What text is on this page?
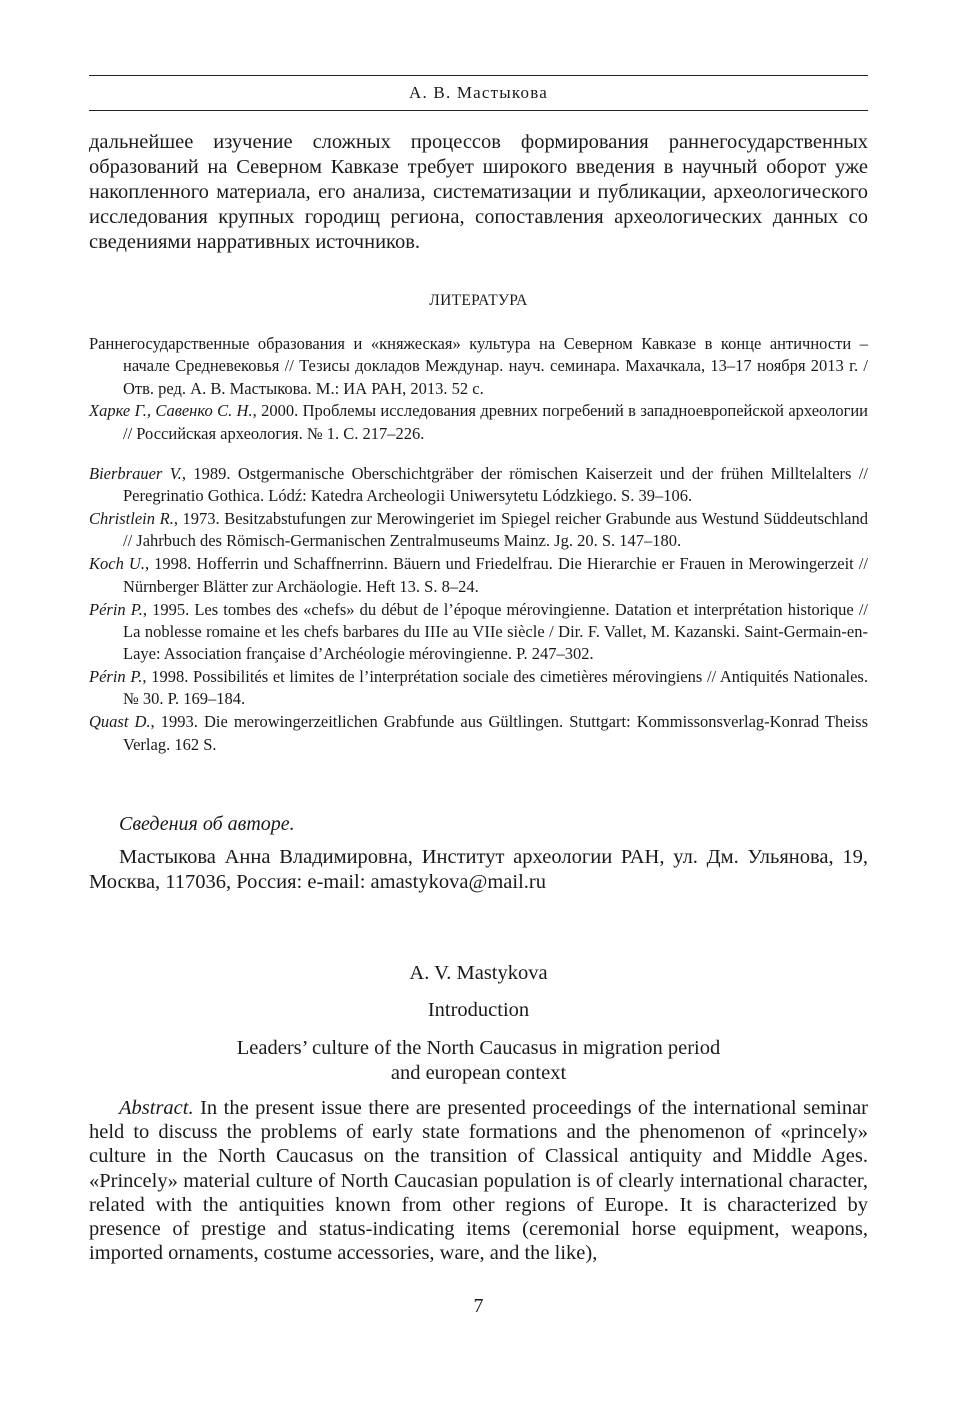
А. В. Мастыкова

дальнейшее изучение сложных процессов формирования раннегосударственных образований на Северном Кавказе требует широкого введения в научный оборот уже накопленного материала, его анализа, систематизации и публикации, археологического исследования крупных городищ региона, сопоставления археологических данных со сведениями нарративных источников.

ЛИТЕРАТУРА
Раннегосударственные образования и «княжеская» культура на Северном Кавказе в конце античности – начале Средневековья // Тезисы докладов Междунар. науч. семинара. Махачкала, 13–17 ноября 2013 г. / Отв. ред. А. В. Мастыкова. М.: ИА РАН, 2013. 52 с.
Харке Г., Савенко С. Н., 2000. Проблемы исследования древних погребений в западноевропейской археологии // Российская археология. № 1. С. 217–226.
Bierbrauer V., 1989. Ostgermanische Oberschichtgräber der römischen Kaiserzeit und der frühen Milltelalters // Peregrinatio Gothica. Lódź: Katedra Archeologii Uniwersytetu Lódzkiego. S. 39–106.
Christlein R., 1973. Besitzabstufungen zur Merowingeriet im Spiegel reicher Grabunde aus Westund Süddeutschland // Jahrbuch des Römisch-Germanischen Zentralmuseums Mainz. Jg. 20. S. 147–180.
Koch U., 1998. Hofferrin und Schaffnerrinn. Bäuern und Friedelfrau. Die Hierarchie er Frauen in Merowingerzeit // Nürnberger Blätter zur Archäologie. Heft 13. S. 8–24.
Périn P., 1995. Les tombes des «chefs» du début de l’époque mérovingienne. Datation et interprétation historique // La noblesse romaine et les chefs barbares du IIIe au VIIe siècle / Dir. F. Vallet, M. Kazanski. Saint-Germain-en-Laye: Association française d’Archéologie mérovingienne. P. 247–302.
Périn P., 1998. Possibilités et limites de l’interprétation sociale des cimetières mérovingiens // Antiquités Nationales. № 30. P. 169–184.
Quast D., 1993. Die merowingerzeitlichen Grabfunde aus Gültlingen. Stuttgart: Kommissonsverlag-Konrad Theiss Verlag. 162 S.
Сведения об авторе.

Мастыкова Анна Владимировна, Институт археологии РАН, ул. Дм. Ульянова, 19, Москва, 117036, Россия: e-mail: amastykova@mail.ru

A. V. Mastykova
Introduction
Leaders’ culture of the North Caucasus in migration period
and european context

Abstract. In the present issue there are presented proceedings of the international seminar held to discuss the problems of early state formations and the phenomenon of «princely» culture in the North Caucasus on the transition of Classical antiquity and Middle Ages. «Princely» material culture of North Caucasian population is of clearly international character, related with the antiquities known from other regions of Europe. It is characterized by presence of prestige and status-indicating items (ceremonial horse equipment, weapons, imported ornaments, costume accessories, ware, and the like),

7
